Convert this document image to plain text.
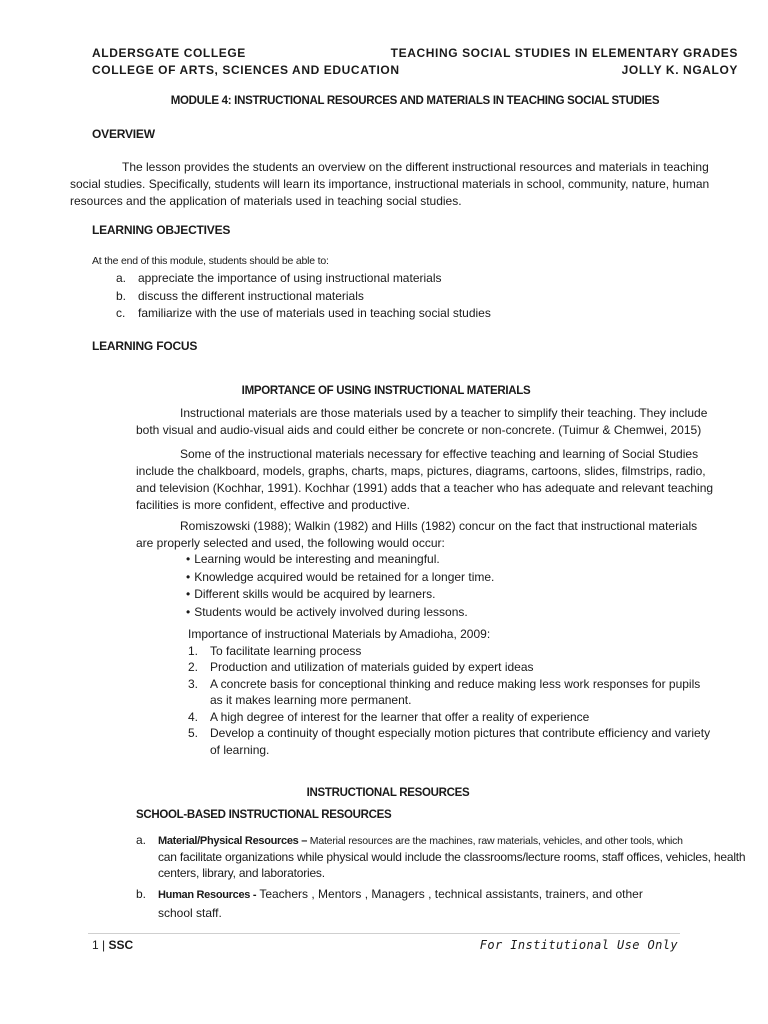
ALDERSGATE COLLEGE
COLLEGE OF ARTS, SCIENCES AND EDUCATION
TEACHING SOCIAL STUDIES IN ELEMENTARY GRADES
JOLLY K. NGALOY
MODULE 4: INSTRUCTIONAL RESOURCES AND MATERIALS IN TEACHING SOCIAL STUDIES
OVERVIEW
The lesson provides the students an overview on the different instructional resources and materials in teaching
social studies. Specifically, students will learn its importance, instructional materials in school, community, nature, human
resources and the application of materials used in teaching social studies.
LEARNING OBJECTIVES
At the end of this module, students should be able to:
a. appreciate the importance of using instructional materials
b. discuss the different instructional materials
c. familiarize with the use of materials used in teaching social studies
LEARNING FOCUS
IMPORTANCE OF USING INSTRUCTIONAL MATERIALS
Instructional materials are those materials used by a teacher to simplify their teaching. They include
both visual and audio-visual aids and could either be concrete or non-concrete. (Tuimur & Chemwei, 2015)
Some of the instructional materials necessary for effective teaching and learning of Social Studies
include the chalkboard, models, graphs, charts, maps, pictures, diagrams, cartoons, slides, filmstrips, radio,
and television (Kochhar, 1991). Kochhar (1991) adds that a teacher who has adequate and relevant teaching
facilities is more confident, effective and productive.
Romiszowski (1988); Walkin (1982) and Hills (1982) concur on the fact that instructional materials
are properly selected and used, the following would occur:
• Learning would be interesting and meaningful.
• Knowledge acquired would be retained for a longer time.
• Different skills would be acquired by learners.
• Students would be actively involved during lessons.
Importance of instructional Materials by Amadioha, 2009:
1. To facilitate learning process
2. Production and utilization of materials guided by expert ideas
3. A concrete basis for conceptional thinking and reduce making less work responses for pupils
as it makes learning more permanent.
4. A high degree of interest for the learner that offer a reality of experience
5. Develop a continuity of thought especially motion pictures that contribute efficiency and variety
of learning.
INSTRUCTIONAL RESOURCES
SCHOOL-BASED INSTRUCTIONAL RESOURCES
a. Material/Physical Resources – Material resources are the machines, raw materials, vehicles, and other tools, which
can facilitate organizations while physical would include the classrooms/lecture rooms, staff offices, vehicles, health
centers, library, and laboratories.
b. Human Resources - Teachers , Mentors , Managers , technical assistants, trainers, and other
school staff.
1 | SSC	For Institutional Use Only
